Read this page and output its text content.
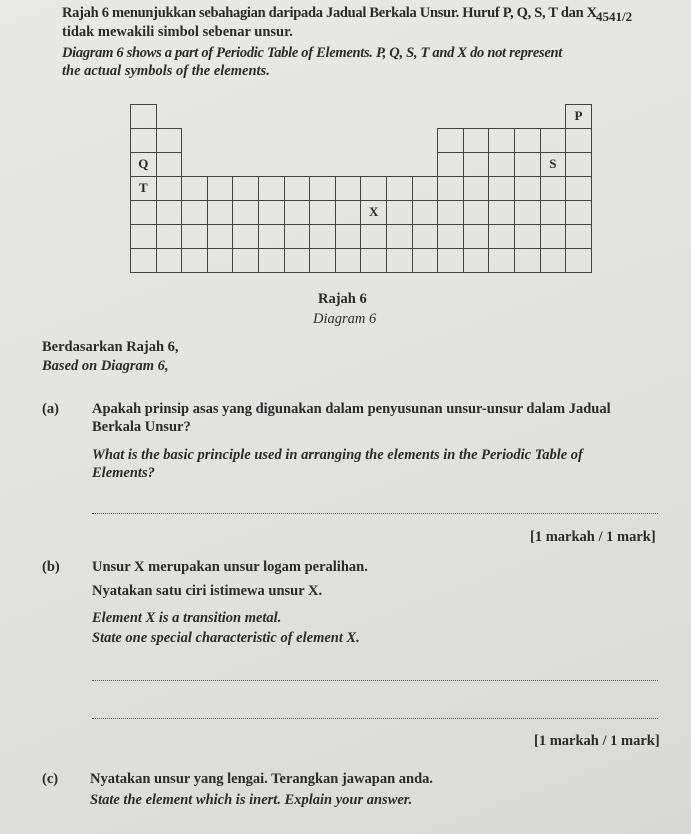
4541/2
Rajah 6 menunjukkan sebahagian daripada Jadual Berkala Unsur. Huruf P, Q, S, T dan X
tidak mewakili simbol sebenar unsur.
Diagram 6 shows a part of Periodic Table of Elements. P, Q, S, T and X do not represent
the actual symbols of the elements.
P
Q	S
T
X
Rajah 6
Diagram 6
Berdasarkan Rajah 6,
Based on Diagram 6,
(a) Apakah prinsip asas yang digunakan dalam penyusunan unsur-unsur dalam Jadual
Berkala Unsur?
What is the basic principle used in arranging the elements in the Periodic Table of
Elements?
[1 markah / 1 mark]
(b) Unsur X merupakan unsur logam peralihan.
Nyatakan satu ciri istimewa unsur X.
Element X is a transition metal.
State one special characteristic of element X.
[1 markah / 1 mark]
(c) Nyatakan unsur yang lengai. Terangkan jawapan anda.
State the element which is inert. Explain your answer.
